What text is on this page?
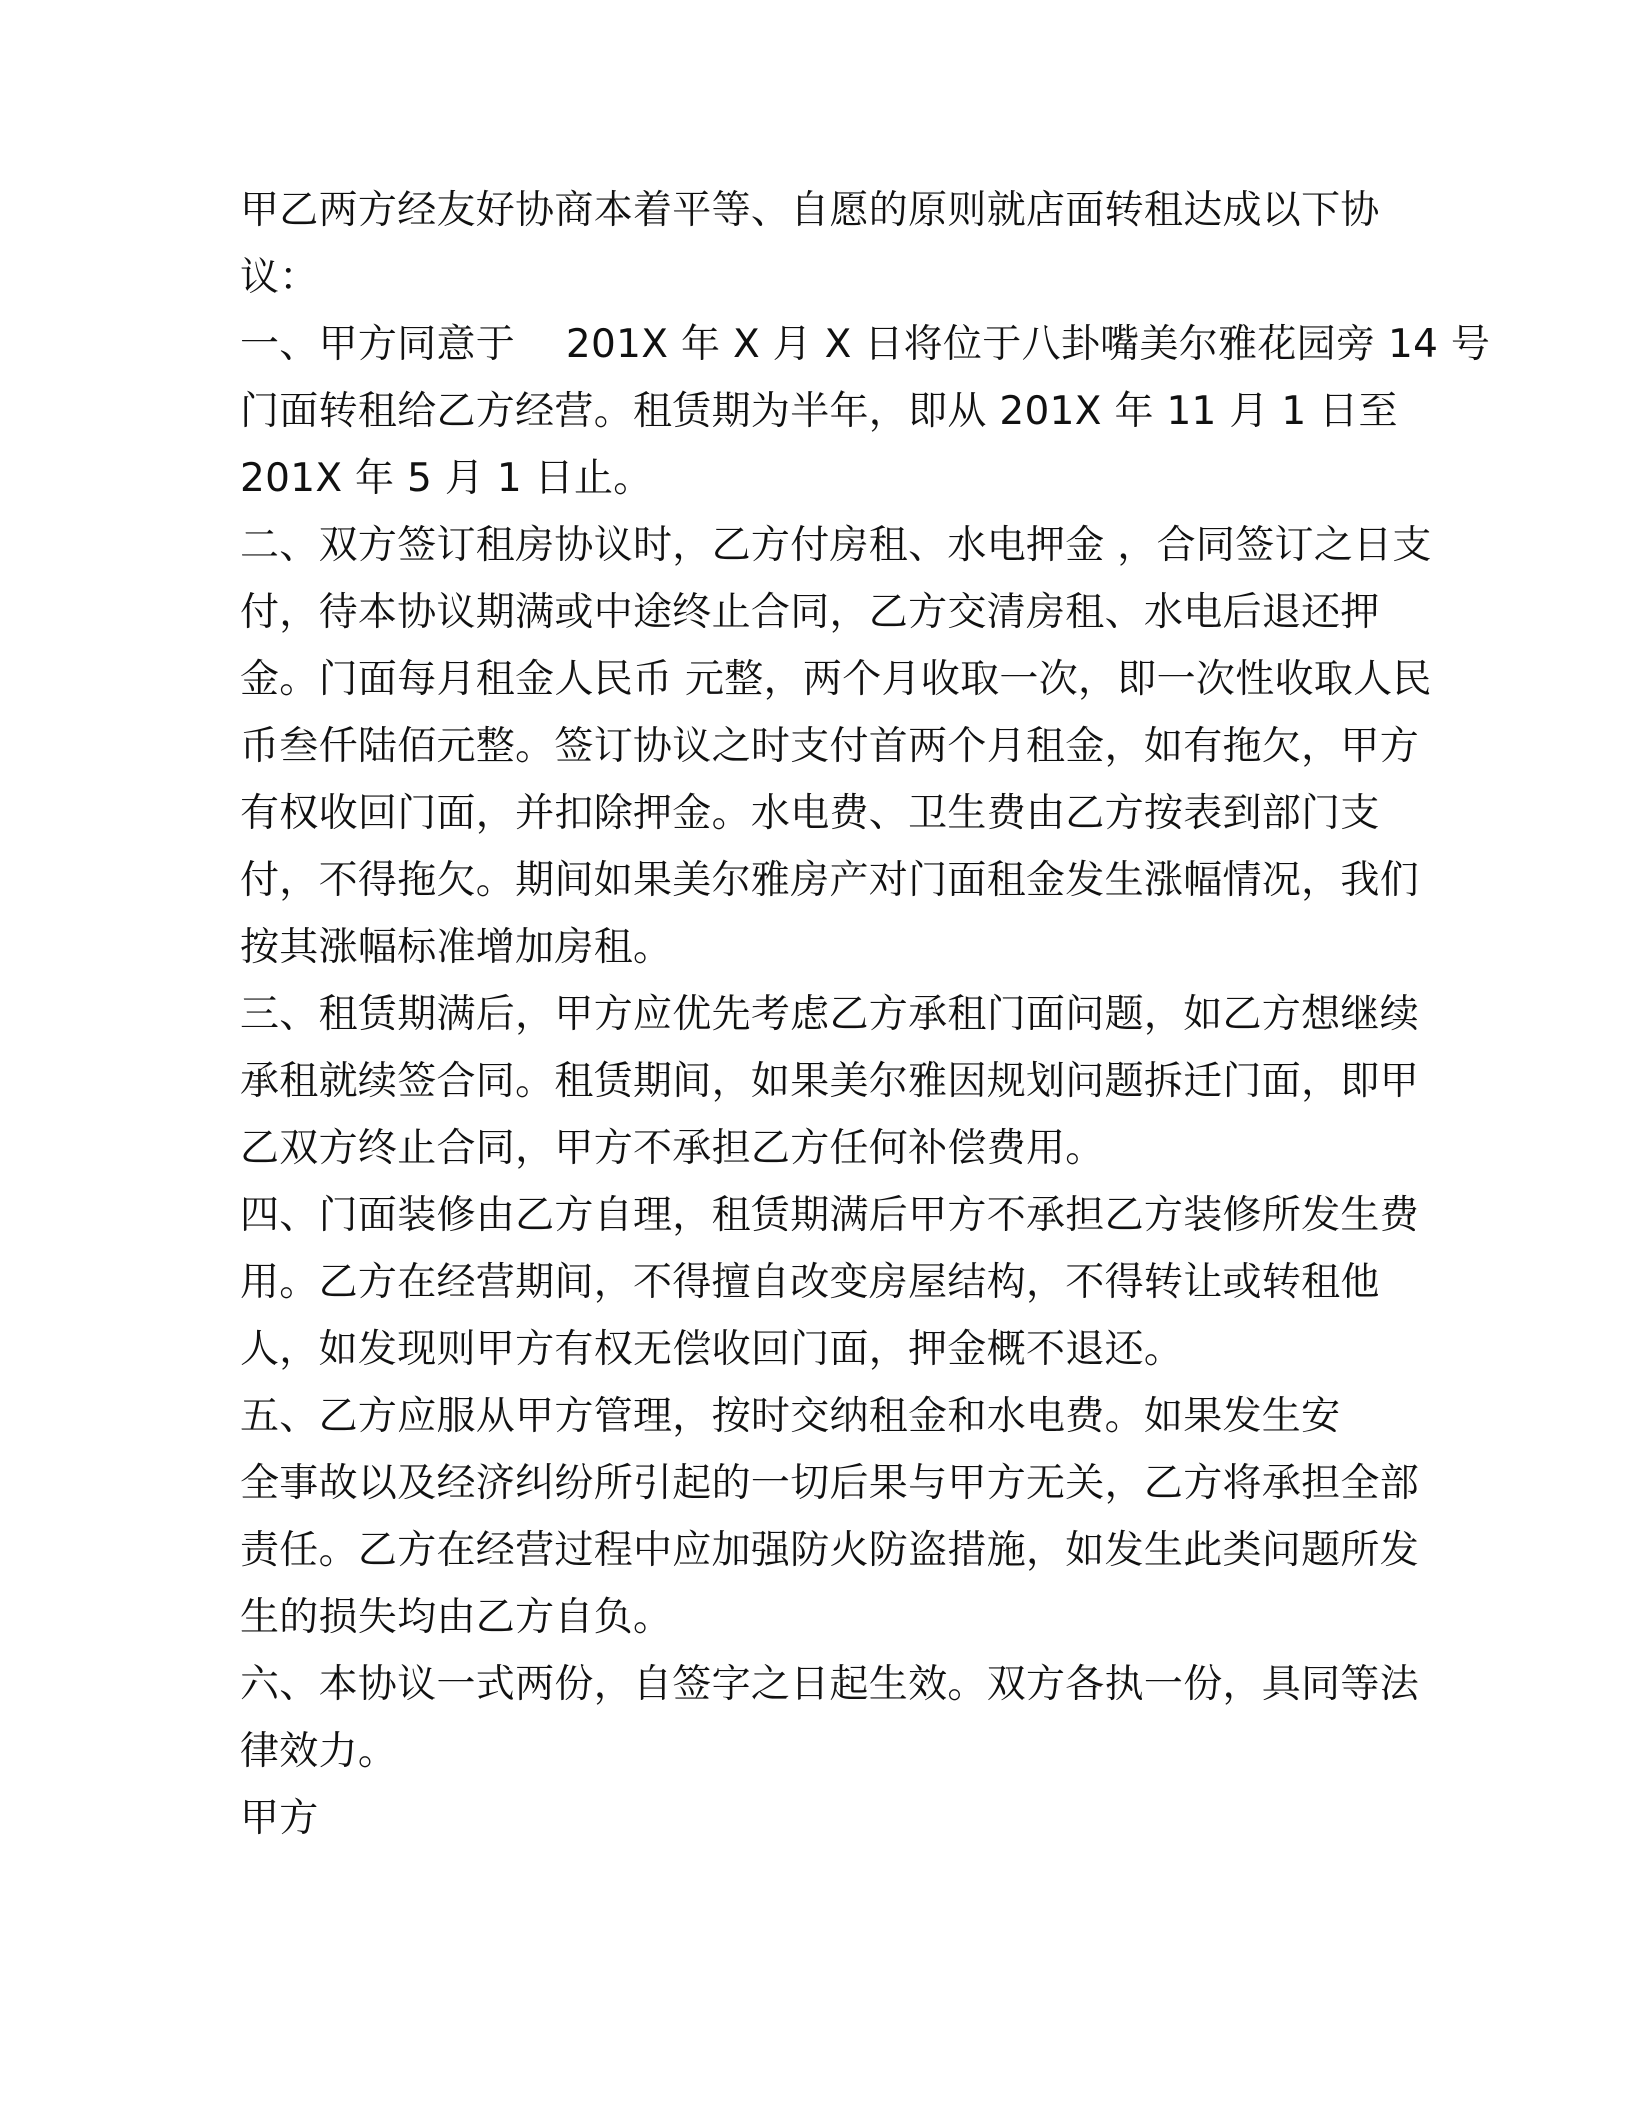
甲乙两方经友好协商本着平等、自愿的原则就店面转租达成以下协
议：
一、甲方同意于    201X 年 X 月 X 日将位于八卦嘴美尔雅花园旁 14 号
门面转租给乙方经营。租赁期为半年，即从 201X 年 11 月 1 日至
201X 年 5 月 1 日止。
二、双方签订租房协议时，乙方付房租、水电押金 ，合同签订之日支
付，待本协议期满或中途终止合同，乙方交清房租、水电后退还押
金。门面每月租金人民币 元整，两个月收取一次，即一次性收取人民
币叁仟陆佰元整。签订协议之时支付首两个月租金，如有拖欠，甲方
有权收回门面，并扣除押金。水电费、卫生费由乙方按表到部门支
付，不得拖欠。期间如果美尔雅房产对门面租金发生涨幅情况，我们
按其涨幅标准增加房租。
三、租赁期满后，甲方应优先考虑乙方承租门面问题，如乙方想继续
承租就续签合同。租赁期间，如果美尔雅因规划问题拆迁门面，即甲
乙双方终止合同，甲方不承担乙方任何补偿费用。
四、门面装修由乙方自理，租赁期满后甲方不承担乙方装修所发生费
用。乙方在经营期间，不得擅自改变房屋结构，不得转让或转租他
人，如发现则甲方有权无偿收回门面，押金概不退还。
五、乙方应服从甲方管理，按时交纳租金和水电费。如果发生安
全事故以及经济纠纷所引起的一切后果与甲方无关，乙方将承担全部
责任。乙方在经营过程中应加强防火防盗措施，如发生此类问题所发
生的损失均由乙方自负。
六、本协议一式两份，自签字之日起生效。双方各执一份，具同等法
律效力。
甲方
